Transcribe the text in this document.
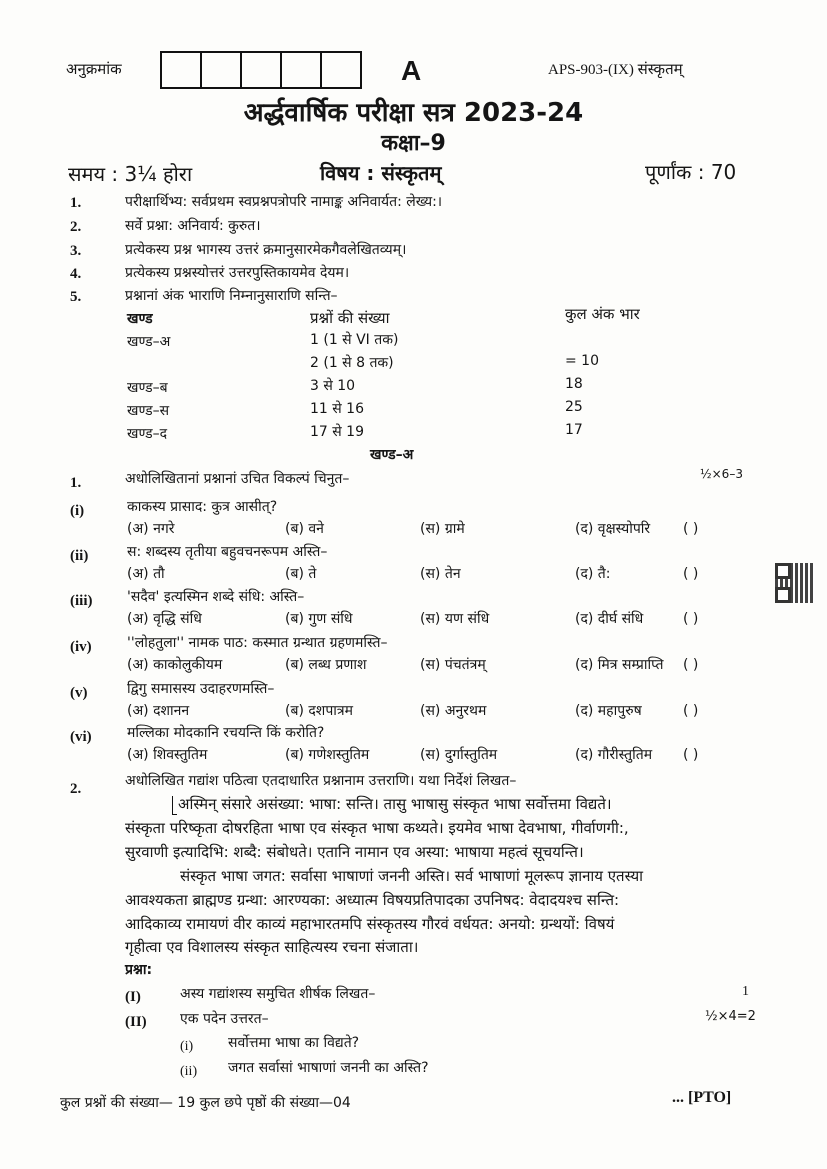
अनुक्रमांक	A	APS-903-(IX) संस्कृतम्
अर्द्धवार्षिक परीक्षा सत्र 2023-24
कक्षा–9
समय : 3¼ होरा	विषय : संस्कृतम्	पूर्णांक : 70
1.	परीक्षार्थिभ्य: सर्वप्रथम स्वप्रश्नपत्रोपरि नामाङ्क अनिवार्यत: लेख्य:।
2.	सर्वे प्रश्ना: अनिवार्य: कुरुत।
3.	प्रत्येकस्य प्रश्न भागस्य उत्तरं क्रमानुसारमेकगैवलेखितव्यम्।
4.	प्रत्येकस्य प्रश्नस्योत्तरं उत्तरपुस्तिकायमेव देयम।
5.	प्रश्नानां अंक भाराणि निम्नानुसाराणि सन्ति–
खण्ड	प्रश्नों की संख्या	कुल अंक भार
खण्ड–अ	1 (1 से VI तक)
2 (1 से 8 तक)	= 10
खण्ड–ब	3 से 10	18
खण्ड–स	11 से 16	25
खण्ड–द	17 से 19	17
खण्ड–अ
1.	अधोलिखितानां प्रश्नानां उचित विकल्पं चिनुत–	½×6–3
(i)	काकस्य प्रासाद: कुत्र आसीत्?
(अ) नगरे	(ब) वने	(स) ग्रामे	(द) वृक्षस्योपरि ( )
(ii)	स: शब्दस्य तृतीया बहुवचनरूपम अस्ति–
(अ) तौ	(ब) ते	(स) तेन	(द) तै:	( )
(iii) 'सदैव' इत्यस्मिन शब्दे संधि: अस्ति–
(अ) वृद्धि संधि	(ब) गुण संधि	(स) यण संधि	(द) दीर्घ संधि	( )
(iv)	''लोहतुला'' नामक पाठ: कस्मात ग्रन्थात ग्रहणमस्ति–
(अ) काकोलुकीयम	(ब) लब्ध प्रणाश	(स) पंचतंत्रम्	(द) मित्र सम्प्राप्ति ( )
(v)	द्विगु समासस्य उदाहरणमस्ति–
(अ) दशानन	(ब) दशपात्रम	(स) अनुरथम	(द) महापुरुष	( )
(vi)	मल्लिका मोदकानि रचयन्ति किं करोति?
(अ) शिवस्तुतिम	(ब) गणेशस्तुतिम	(स) दुर्गास्तुतिम	(द) गौरीस्तुतिम ( )
2.	अधोलिखित गद्यांश पठित्वा एतदाधारित प्रश्नानाम उत्तराणि। यथा निर्देशं लिखत–
अस्मिन् संसारे असंख्या: भाषा: सन्ति। तासु भाषासु संस्कृत भाषा सर्वोत्तमा विद्यते।
संस्कृता परिष्कृता दोषरहिता भाषा एव संस्कृत भाषा कथ्यते। इयमेव भाषा देवभाषा, गीर्वाणगी:,
सुरवाणी इत्यादिभि: शब्दै: संबोधते। एतानि नामान एव अस्या: भाषाया महत्वं सूचयन्ति।
संस्कृत भाषा जगत: सर्वासा भाषाणां जननी अस्ति। सर्व भाषाणां मूलरूप ज्ञानाय एतस्या
आवश्यकता ब्राह्मण्ड ग्रन्था: आरण्यका: अध्यात्म विषयप्रतिपादका उपनिषद: वेदादयश्च सन्ति:
आदिकाव्य रामायणं वीर काव्यं महाभारतमपि संस्कृतस्य गौरवं वर्धयत: अनयो: ग्रन्थयों: विषयं
गृहीत्वा एव विशालस्य संस्कृत साहित्यस्य रचना संजाता।
प्रश्ना:
(I)	अस्य गद्यांशस्य समुचित शीर्षक लिखत–	1
(II) एक पदेन उत्तरत–	½×4=2
(i) सर्वोत्तमा भाषा का विद्यते?
(ii) जगत सर्वासां भाषाणां जननी का अस्ति?
कुल प्रश्नों की संख्या— 19 कुल छपे पृष्ठों की संख्या—04	... [PTO]
